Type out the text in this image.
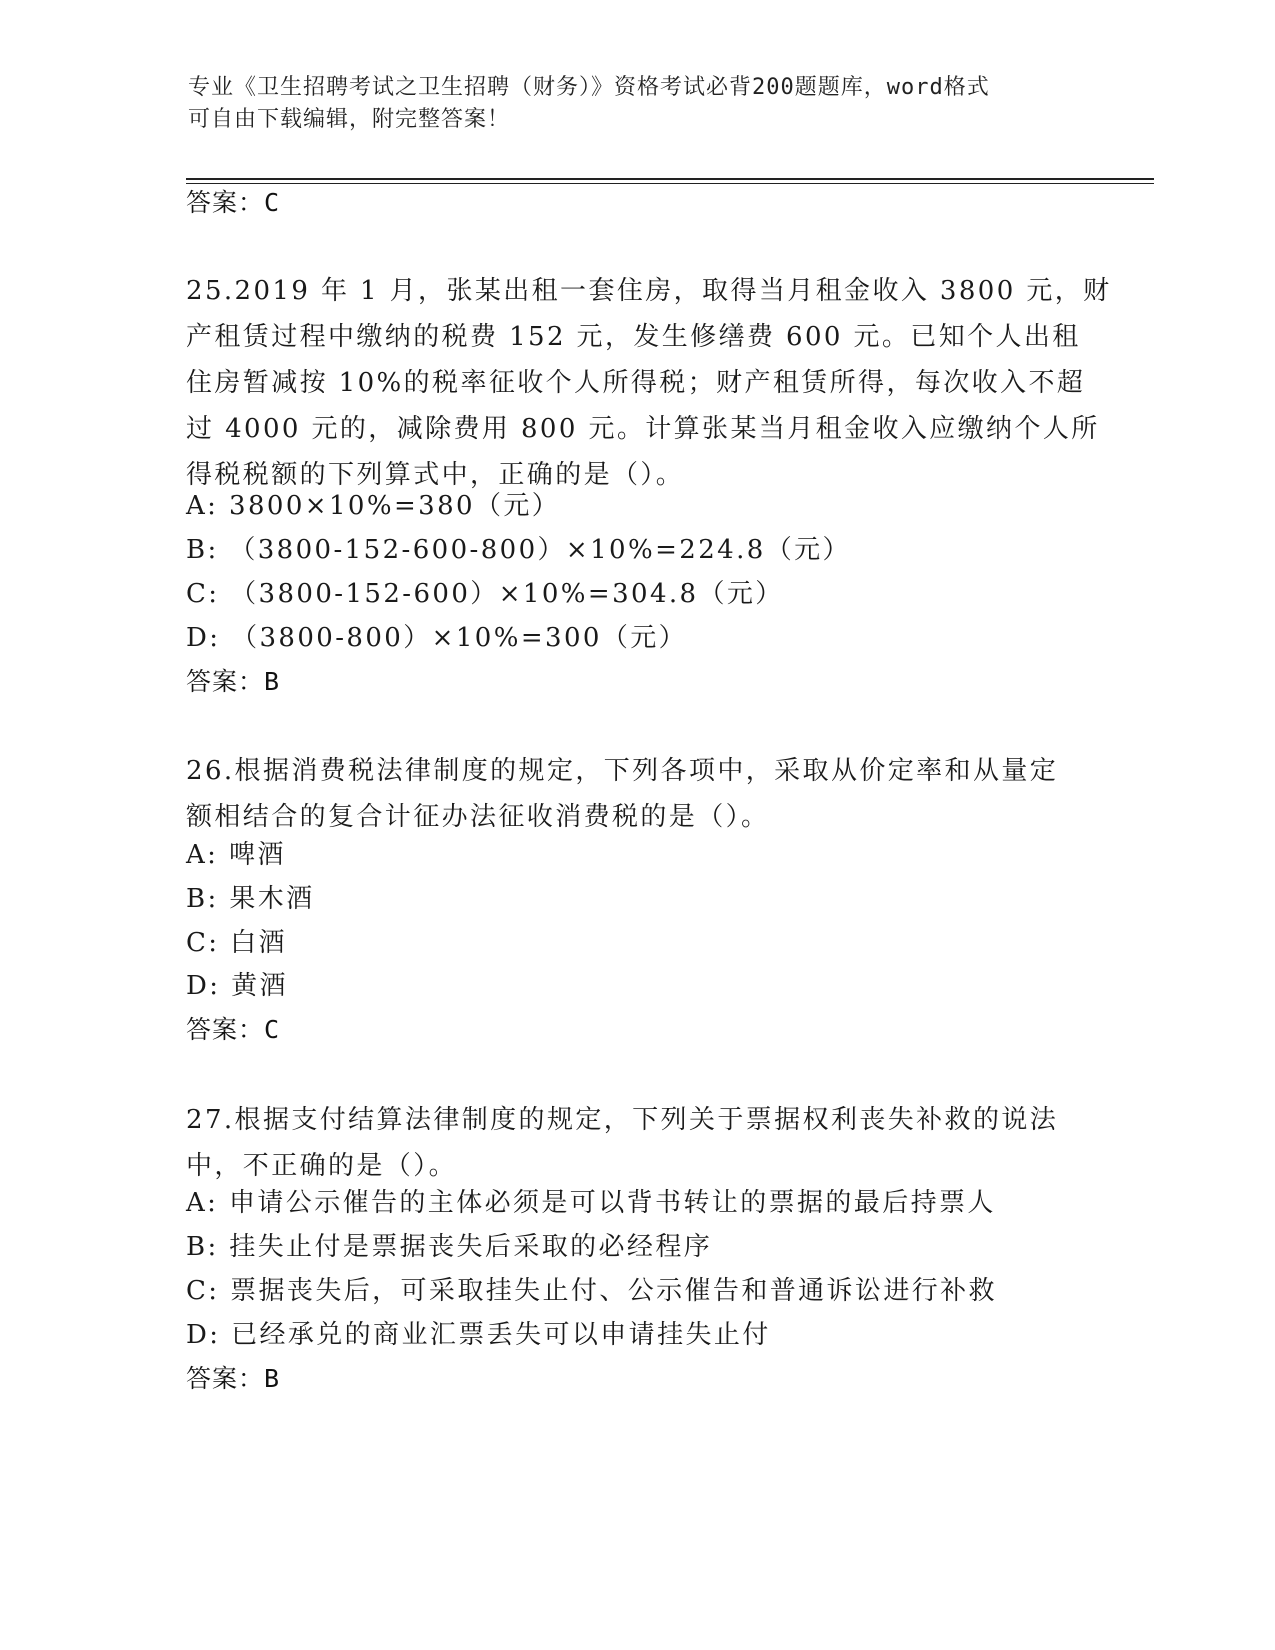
专业《卫生招聘考试之卫生招聘（财务）》资格考试必背200题题库，word格式
可自由下载编辑，附完整答案！
答案：C
25.2019 年 1 月，张某出租一套住房，取得当月租金收入 3800 元，财
产租赁过程中缴纳的税费 152 元，发生修缮费 600 元。已知个人出租
住房暂减按 10%的税率征收个人所得税；财产租赁所得，每次收入不超
过 4000 元的，减除费用 800 元。计算张某当月租金收入应缴纳个人所
得税税额的下列算式中，正确的是（）。
A: 3800×10%=380（元）
B: （3800-152-600-800）×10%=224.8（元）
C: （3800-152-600）×10%=304.8（元）
D: （3800-800）×10%=300（元）
答案：B
26.根据消费税法律制度的规定，下列各项中，采取从价定率和从量定
额相结合的复合计征办法征收消费税的是（）。
A: 啤酒
B: 果木酒
C: 白酒
D: 黄酒
答案：C
27.根据支付结算法律制度的规定，下列关于票据权利丧失补救的说法
中，不正确的是（）。
A: 申请公示催告的主体必须是可以背书转让的票据的最后持票人
B: 挂失止付是票据丧失后采取的必经程序
C: 票据丧失后，可采取挂失止付、公示催告和普通诉讼进行补救
D: 已经承兑的商业汇票丢失可以申请挂失止付
答案：B
